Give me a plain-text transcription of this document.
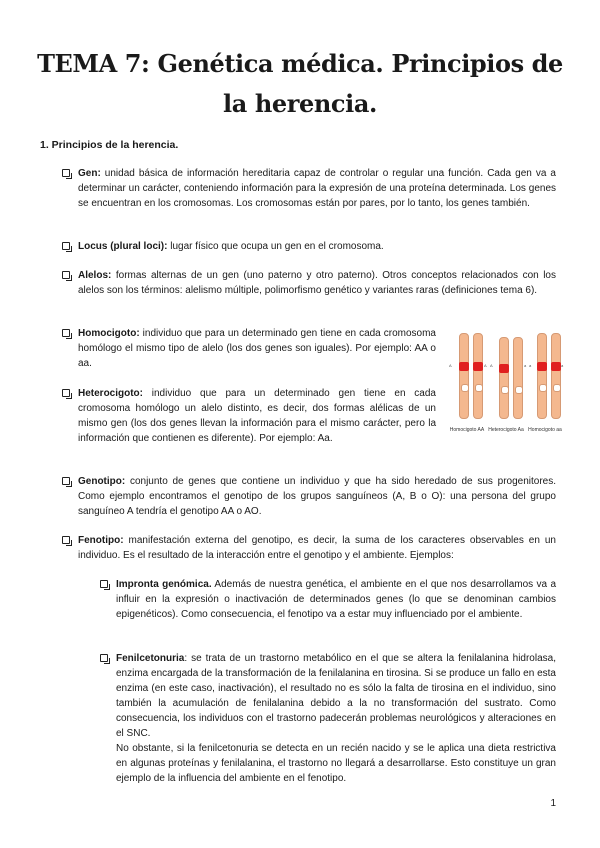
TEMA 7: Genética médica. Principios de la herencia.
1. Principios de la herencia.

Gen: unidad básica de información hereditaria capaz de controlar o regular una función. Cada gen va a determinar un carácter, conteniendo información para la expresión de una proteína determinada. Los genes se encuentran en los cromosomas. Los cromosomas están por pares, por lo tanto, los genes también.

Locus (plural loci): lugar físico que ocupa un gen en el cromosoma.

Alelos: formas alternas de un gen (uno paterno y otro paterno). Otros conceptos relacionados con los alelos son los términos: alelismo múltiple, polimorfismo genético y variantes raras (definiciones tema 6).

Homocigoto: individuo que para un determinado gen tiene en cada cromosoma homólogo el mismo tipo de alelo (los dos genes son iguales). Por ejemplo: AA o aa.

Heterocigoto: individuo que para un determinado gen tiene en cada cromosoma homólogo un alelo distinto, es decir, dos formas alélicas de un mismo gen (los dos genes llevan la información para el mismo carácter, pero la información que contienen es diferente). Por ejemplo: Aa.

A	A A	a a	a
Homocigoto AA Heterocigoto Aa Homocigoto aa

Genotipo: conjunto de genes que contiene un individuo y que ha sido heredado de sus progenitores. Como ejemplo encontramos el genotipo de los grupos sanguíneos (A, B o O): una persona del grupo sanguíneo A tendría el genotipo AA o AO.

Fenotipo: manifestación externa del genotipo, es decir, la suma de los caracteres observables en un individuo. Es el resultado de la interacción entre el genotipo y el ambiente. Ejemplos:

Impronta genómica. Además de nuestra genética, el ambiente en el que nos desarrollamos va a influir en la expresión o inactivación de determinados genes (lo que se denominan cambios epigenéticos). Como consecuencia, el fenotipo va a estar muy influenciado por el ambiente.

Fenilcetonuria: se trata de un trastorno metabólico en el que se altera la fenilalanina hidrolasa, enzima encargada de la transformación de la fenilalanina en tirosina. Si se produce un fallo en esta enzima (en este caso, inactivación), el resultado no es sólo la falta de tirosina en el individuo, sino también la acumulación de fenilalanina debido a la no transformación del sustrato. Como consecuencia, los individuos con el trastorno padecerán problemas neurológicos y alteraciones en el SNC.
No obstante, si la fenilcetonuria se detecta en un recién nacido y se le aplica una dieta restrictiva en algunas proteínas y fenilalanina, el trastorno no llegará a desarrollarse. Esto constituye un gran ejemplo de la influencia del ambiente en el fenotipo.
1
